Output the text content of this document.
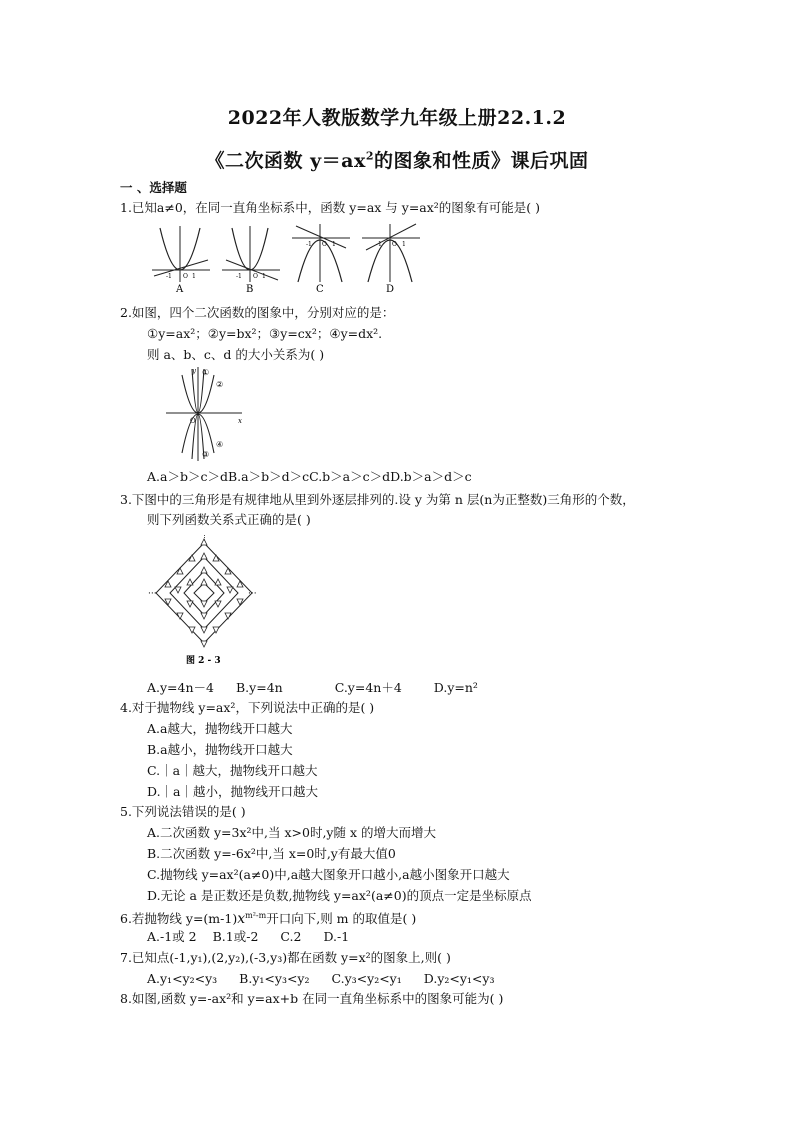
2022年人教版数学九年级上册22.1.2
《二次函数 $y=ax^2$的图象和性质》课后巩固
一 、选择题
1.已知a≠0，在同一直角坐标系中，函数 y=ax 与 y=ax²的图象有可能是( )
-1 O 1
A
-1 O 1
B
-1 O 1
C
-1 O 1
D
2.如图，四个二次函数的图象中，分别对应的是：
①y=ax²；②y=bx²；③y=cx²；④y=dx².
则 a、b、c、d 的大小关系为( )
①
②
③
④
O	x
y
A.a＞b＞c＞dB.a＞b＞d＞cC.b＞a＞c＞dD.b＞a＞d＞c
3.下图中的三角形是有规律地从里到外逐层排列的.设 y 为第 n 层(n为正整数)三角形的个数，
则下列函数关系式正确的是( )
···	···
⋮
图 2 - 3
A.y=4n－4 B.y=4n	C.y=4n＋4	D.y=n²
4.对于抛物线 y=ax²，下列说法中正确的是( )
A.a越大，抛物线开口越大
B.a越小，抛物线开口越大
C.｜a｜越大，抛物线开口越大
D.｜a｜越小，抛物线开口越大
5.下列说法错误的是( )
A.二次函数 y=3x²中,当 x>0时,y随 x 的增大而增大
B.二次函数 y=-6x²中,当 x=0时,y有最大值0
C.抛物线 y=ax²(a≠0)中,a越大图象开口越小,a越小图象开口越大
D.无论 a 是正数还是负数,抛物线 y=ax²(a≠0)的顶点一定是坐标原点
6.若抛物线 $y=(m-1)x^{m^2-m}$开口向下,则 m 的取值是( )
A.-1或 2 B.1或-2 C.2 D.-1
7.已知点(-1,y₁),(2,y₂),(-3,y₃)都在函数 y=x²的图象上,则( )
A.y₁<y₂<y₃ B.y₁<y₃<y₂ C.y₃<y₂<y₁ D.y₂<y₁<y₃
8.如图,函数 y=-ax²和 y=ax+b 在同一直角坐标系中的图象可能为( )
